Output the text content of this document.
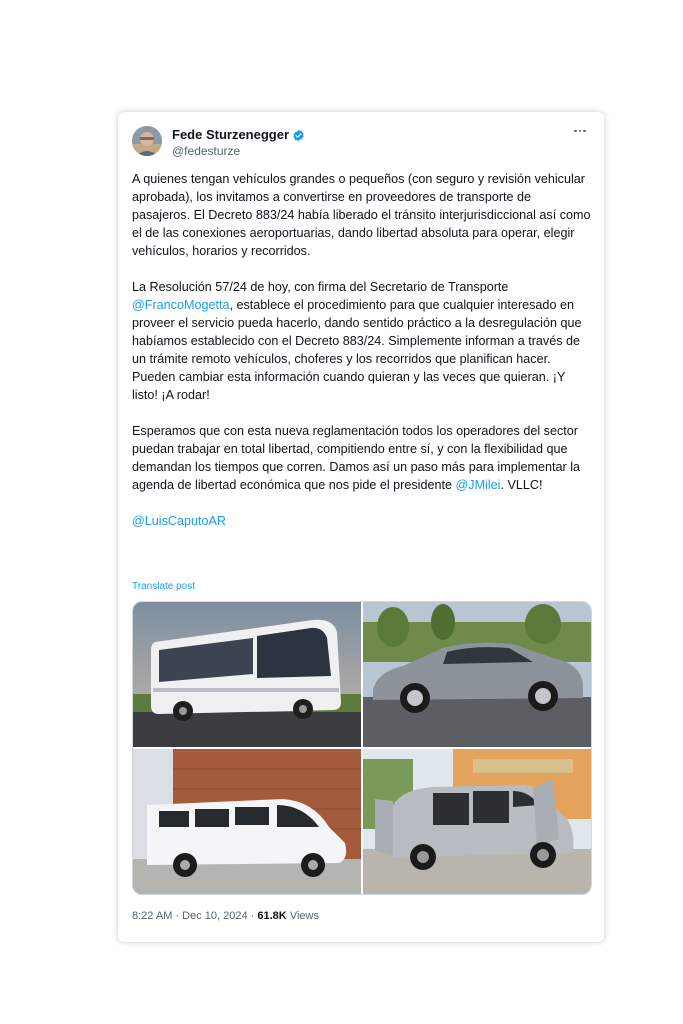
Fede Sturzenegger
@fedesturze

A quienes tengan vehículos grandes o pequeños (con seguro y revisión vehicular aprobada), los invitamos a convertirse en proveedores de transporte de pasajeros. El Decreto 883/24 había liberado el tránsito interjurisdiccional así como el de las conexiones aeroportuarias, dando libertad absoluta para operar, elegir vehículos, horarios y recorridos.

La Resolución 57/24 de hoy, con firma del Secretario de Transporte @FrancoMogetta, establece el procedimiento para que cualquier interesado en proveer el servicio pueda hacerlo, dando sentido práctico a la desregulación que habíamos establecido con el Decreto 883/24. Simplemente informan a través de un trámite remoto vehículos, choferes y los recorridos que planifican hacer. Pueden cambiar esta información cuando quieran y las veces que quieran. ¡Y listo! ¡A rodar!

Esperamos que con esta nueva reglamentación todos los operadores del sector puedan trabajar en total libertad, compitiendo entre sí, y con la flexibilidad que demandan los tiempos que corren. Damos así un paso más para implementar la agenda de libertad económica que nos pide el presidente @JMilei. VLLC!

@LuisCaputoAR

Translate post
8:22 AM · Dec 10, 2024 · 61.8K Views
